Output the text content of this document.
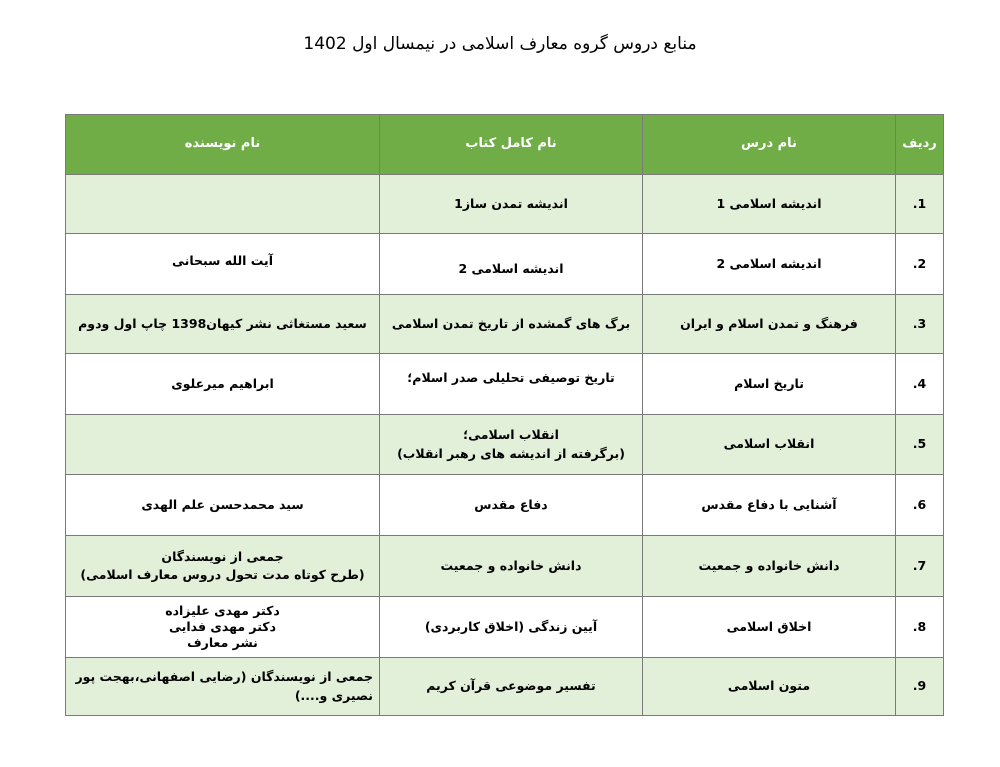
منابع دروس گروه معارف اسلامی در نیمسال اول 1402
ردیف	نام درس	نام کامل کتاب	نام نویسنده
1.	اندیشه اسلامی 1	اندیشه تمدن ساز1	

2.	اندیشه اسلامی 2	اندیشه اسلامی 2	آیت الله سبحانی

3.	فرهنگ و تمدن اسلام و ایران	برگ های گمشده از تاریخ تمدن اسلامی	سعید مستغاثی نشر کیهان1398 چاپ اول ودوم

4.	تاریخ اسلام	تاریخ توصیفی تحلیلی صدر اسلام؛	ابراهیم میرعلوی

5.	انقلاب اسلامی	انقلاب اسلامی؛
(برگرفته از اندیشه های رهبر انقلاب)	

6.	آشنایی با دفاع مقدس	دفاع مقدس	سید محمدحسن علم الهدی

7.	دانش خانواده و جمعیت	دانش خانواده و جمعیت	جمعی از نویسندگان
(طرح کوتاه مدت تحول دروس معارف اسلامی)

8.	اخلاق اسلامی	آیین زندگی (اخلاق کاربردی)	دکتر مهدی علیزاده
دکتر مهدی فدایی
نشر معارف

9.	متون اسلامی	تفسیر موضوعی قرآن کریم	جمعی از نویسندگان (رضایی اصفهانی،بهجت پور
نصیری و....)
